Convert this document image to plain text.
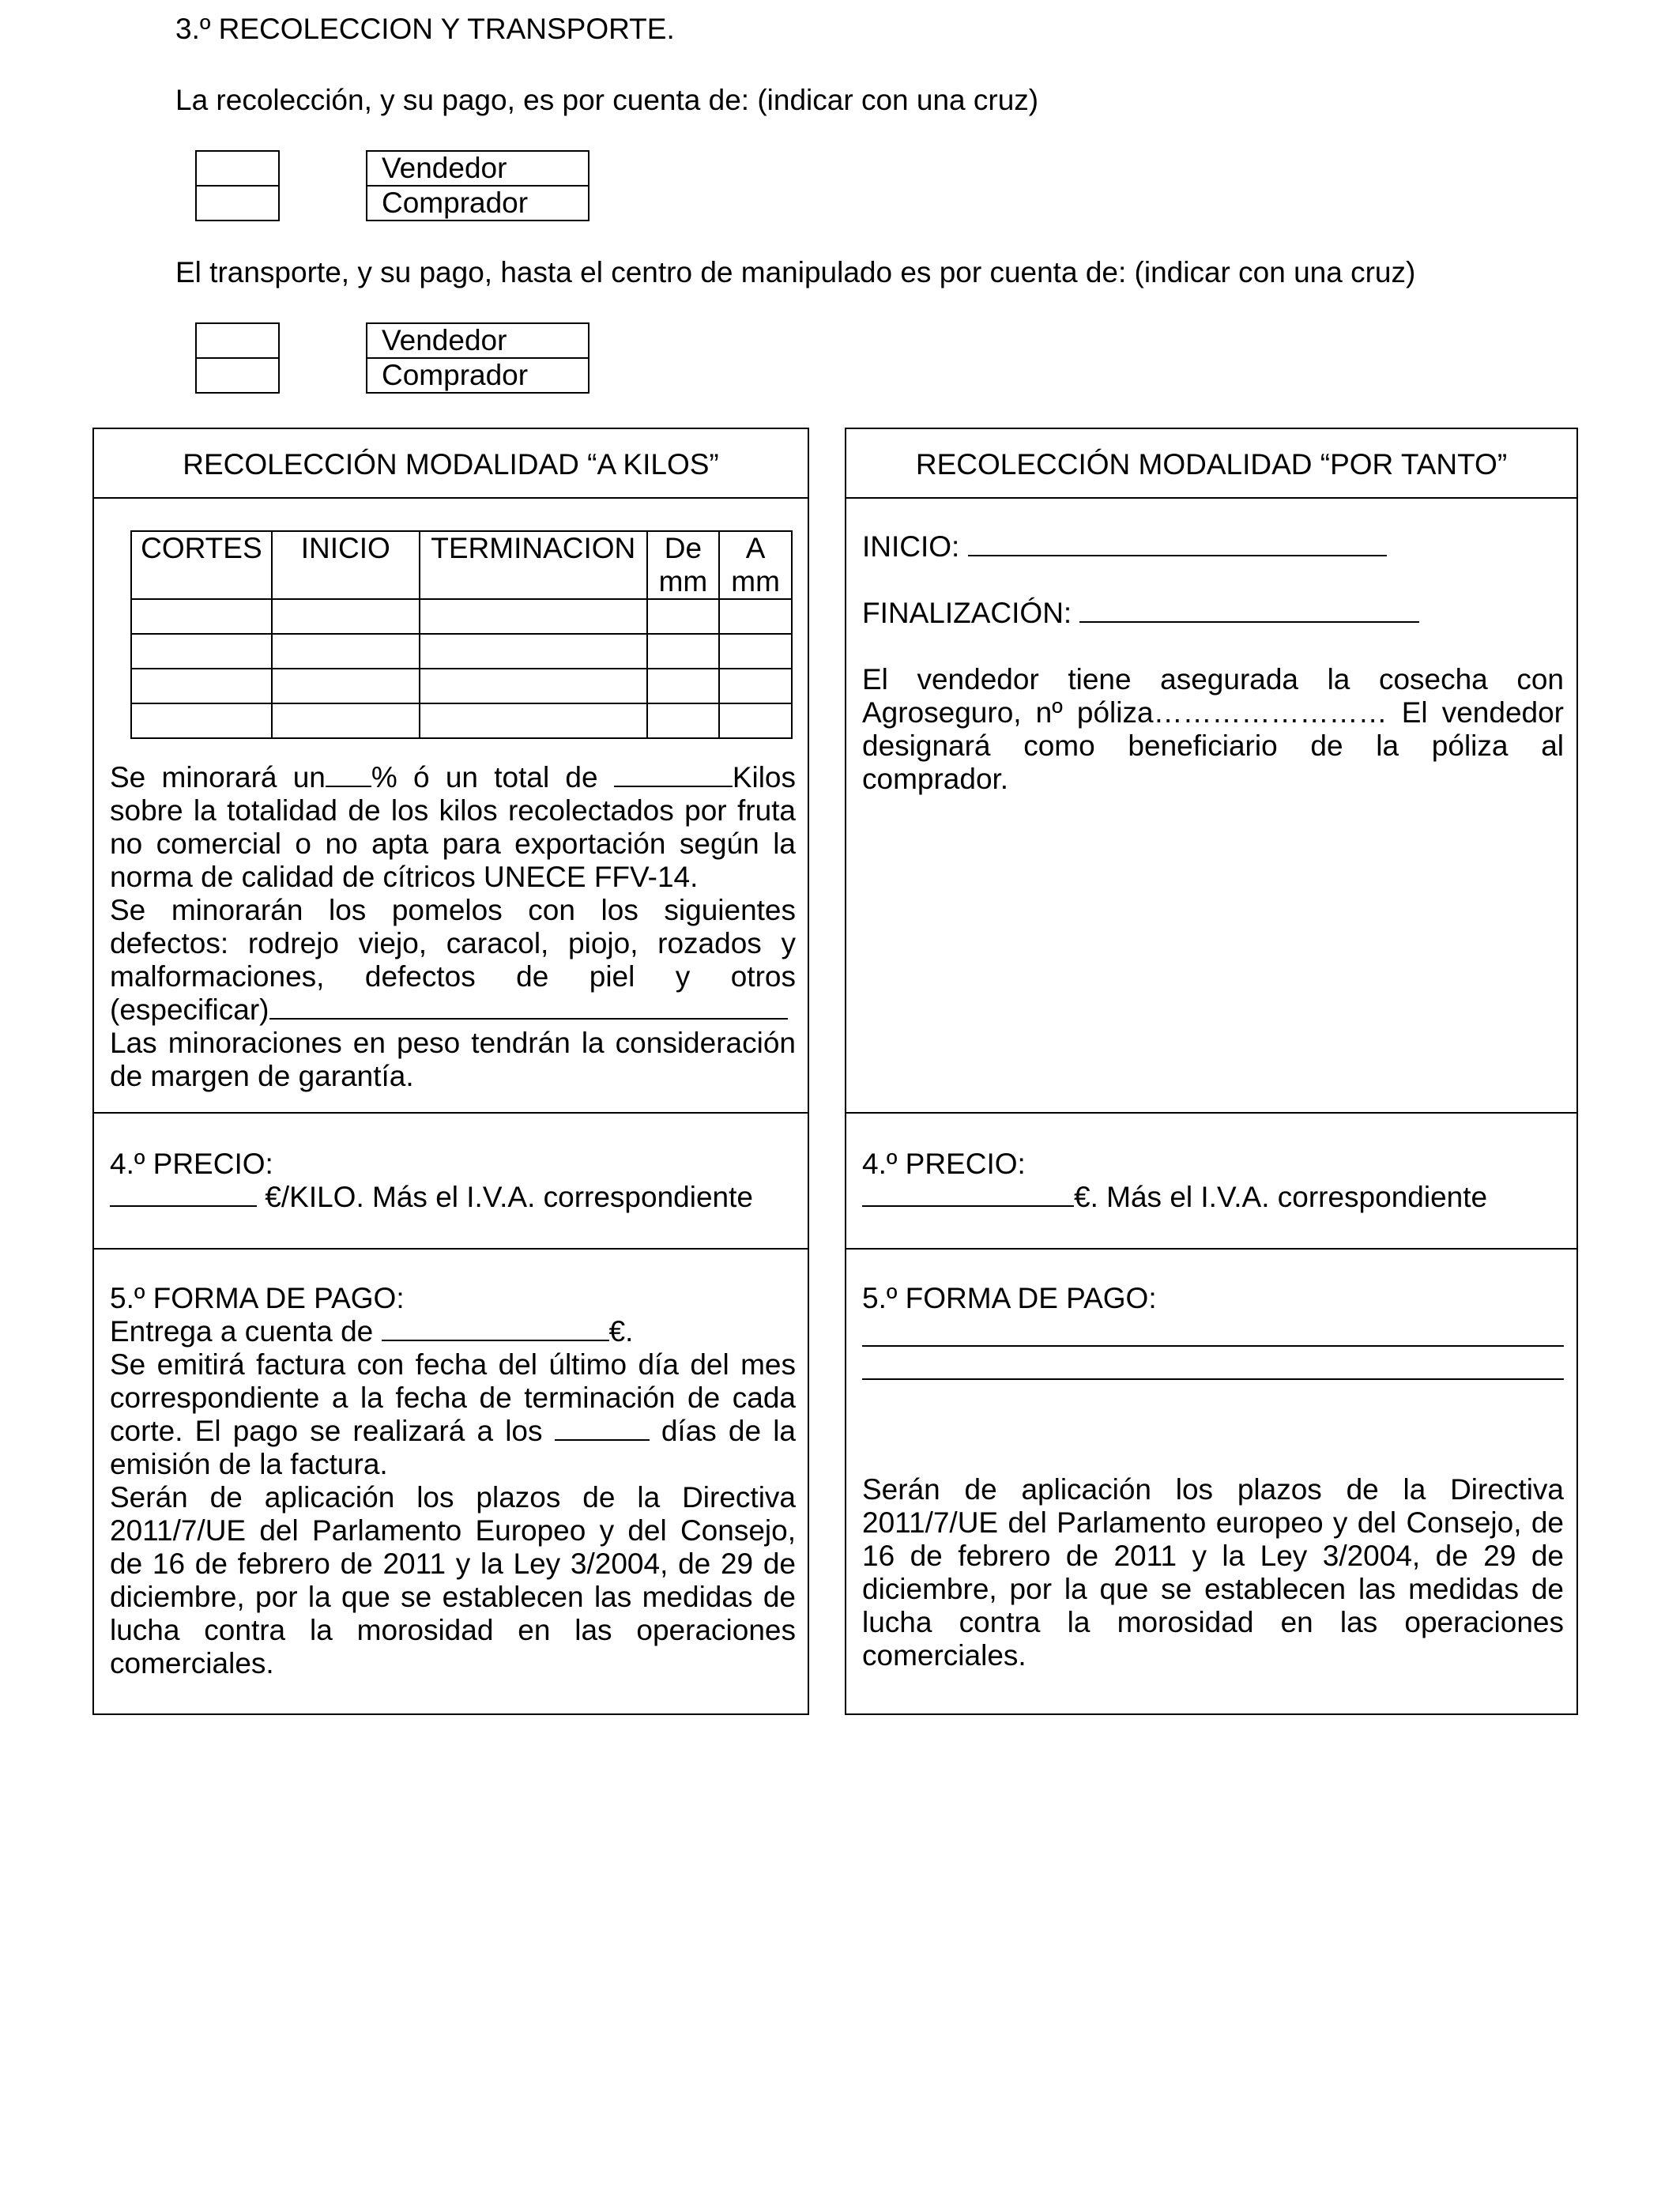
3.º RECOLECCION Y TRANSPORTE.
La recolección, y su pago, es por cuenta de: (indicar con una cruz)
Vendedor
Comprador
El transporte, y su pago, hasta el centro de manipulado es por cuenta de: (indicar con una cruz)
Vendedor
Comprador
RECOLECCIÓN MODALIDAD “A KILOS”
CORTES	INICIO	TERMINACION	De mm	A mm

Se minorará un % ó un total de	Kilos
sobre la totalidad de los kilos recolectados por fruta
no comercial o no apta para exportación según la
norma de calidad de cítricos UNECE FFV-14.
Se minorarán los pomelos con los siguientes
defectos: rodrejo viejo, caracol, piojo, rozados y
malformaciones, defectos de piel y otros
(especificar)
Las minoraciones en peso tendrán la consideración
de margen de garantía.
4.º PRECIO:
€/KILO. Más el I.V.A. correspondiente
5.º FORMA DE PAGO:
Entrega a cuenta de	€.
Se emitirá factura con fecha del último día del mes
correspondiente a la fecha de terminación de cada
corte. El pago se realizará a los	días de la
emisión de la factura.
Serán de aplicación los plazos de la Directiva
2011/7/UE del Parlamento Europeo y del Consejo,
de 16 de febrero de 2011 y la Ley 3/2004, de 29 de
diciembre, por la que se establecen las medidas de
lucha contra la morosidad en las operaciones
comerciales.
RECOLECCIÓN MODALIDAD “POR TANTO”
INICIO:
FINALIZACIÓN:
El vendedor tiene asegurada la cosecha con
Agroseguro, nº póliza…………………… El vendedor
designará como beneficiario de la póliza al
comprador.
4.º PRECIO:
€. Más el I.V.A. correspondiente
5.º FORMA DE PAGO:
Serán de aplicación los plazos de la Directiva
2011/7/UE del Parlamento europeo y del Consejo, de
16 de febrero de 2011 y la Ley 3/2004, de 29 de
diciembre, por la que se establecen las medidas de
lucha contra la morosidad en las operaciones
comerciales.
